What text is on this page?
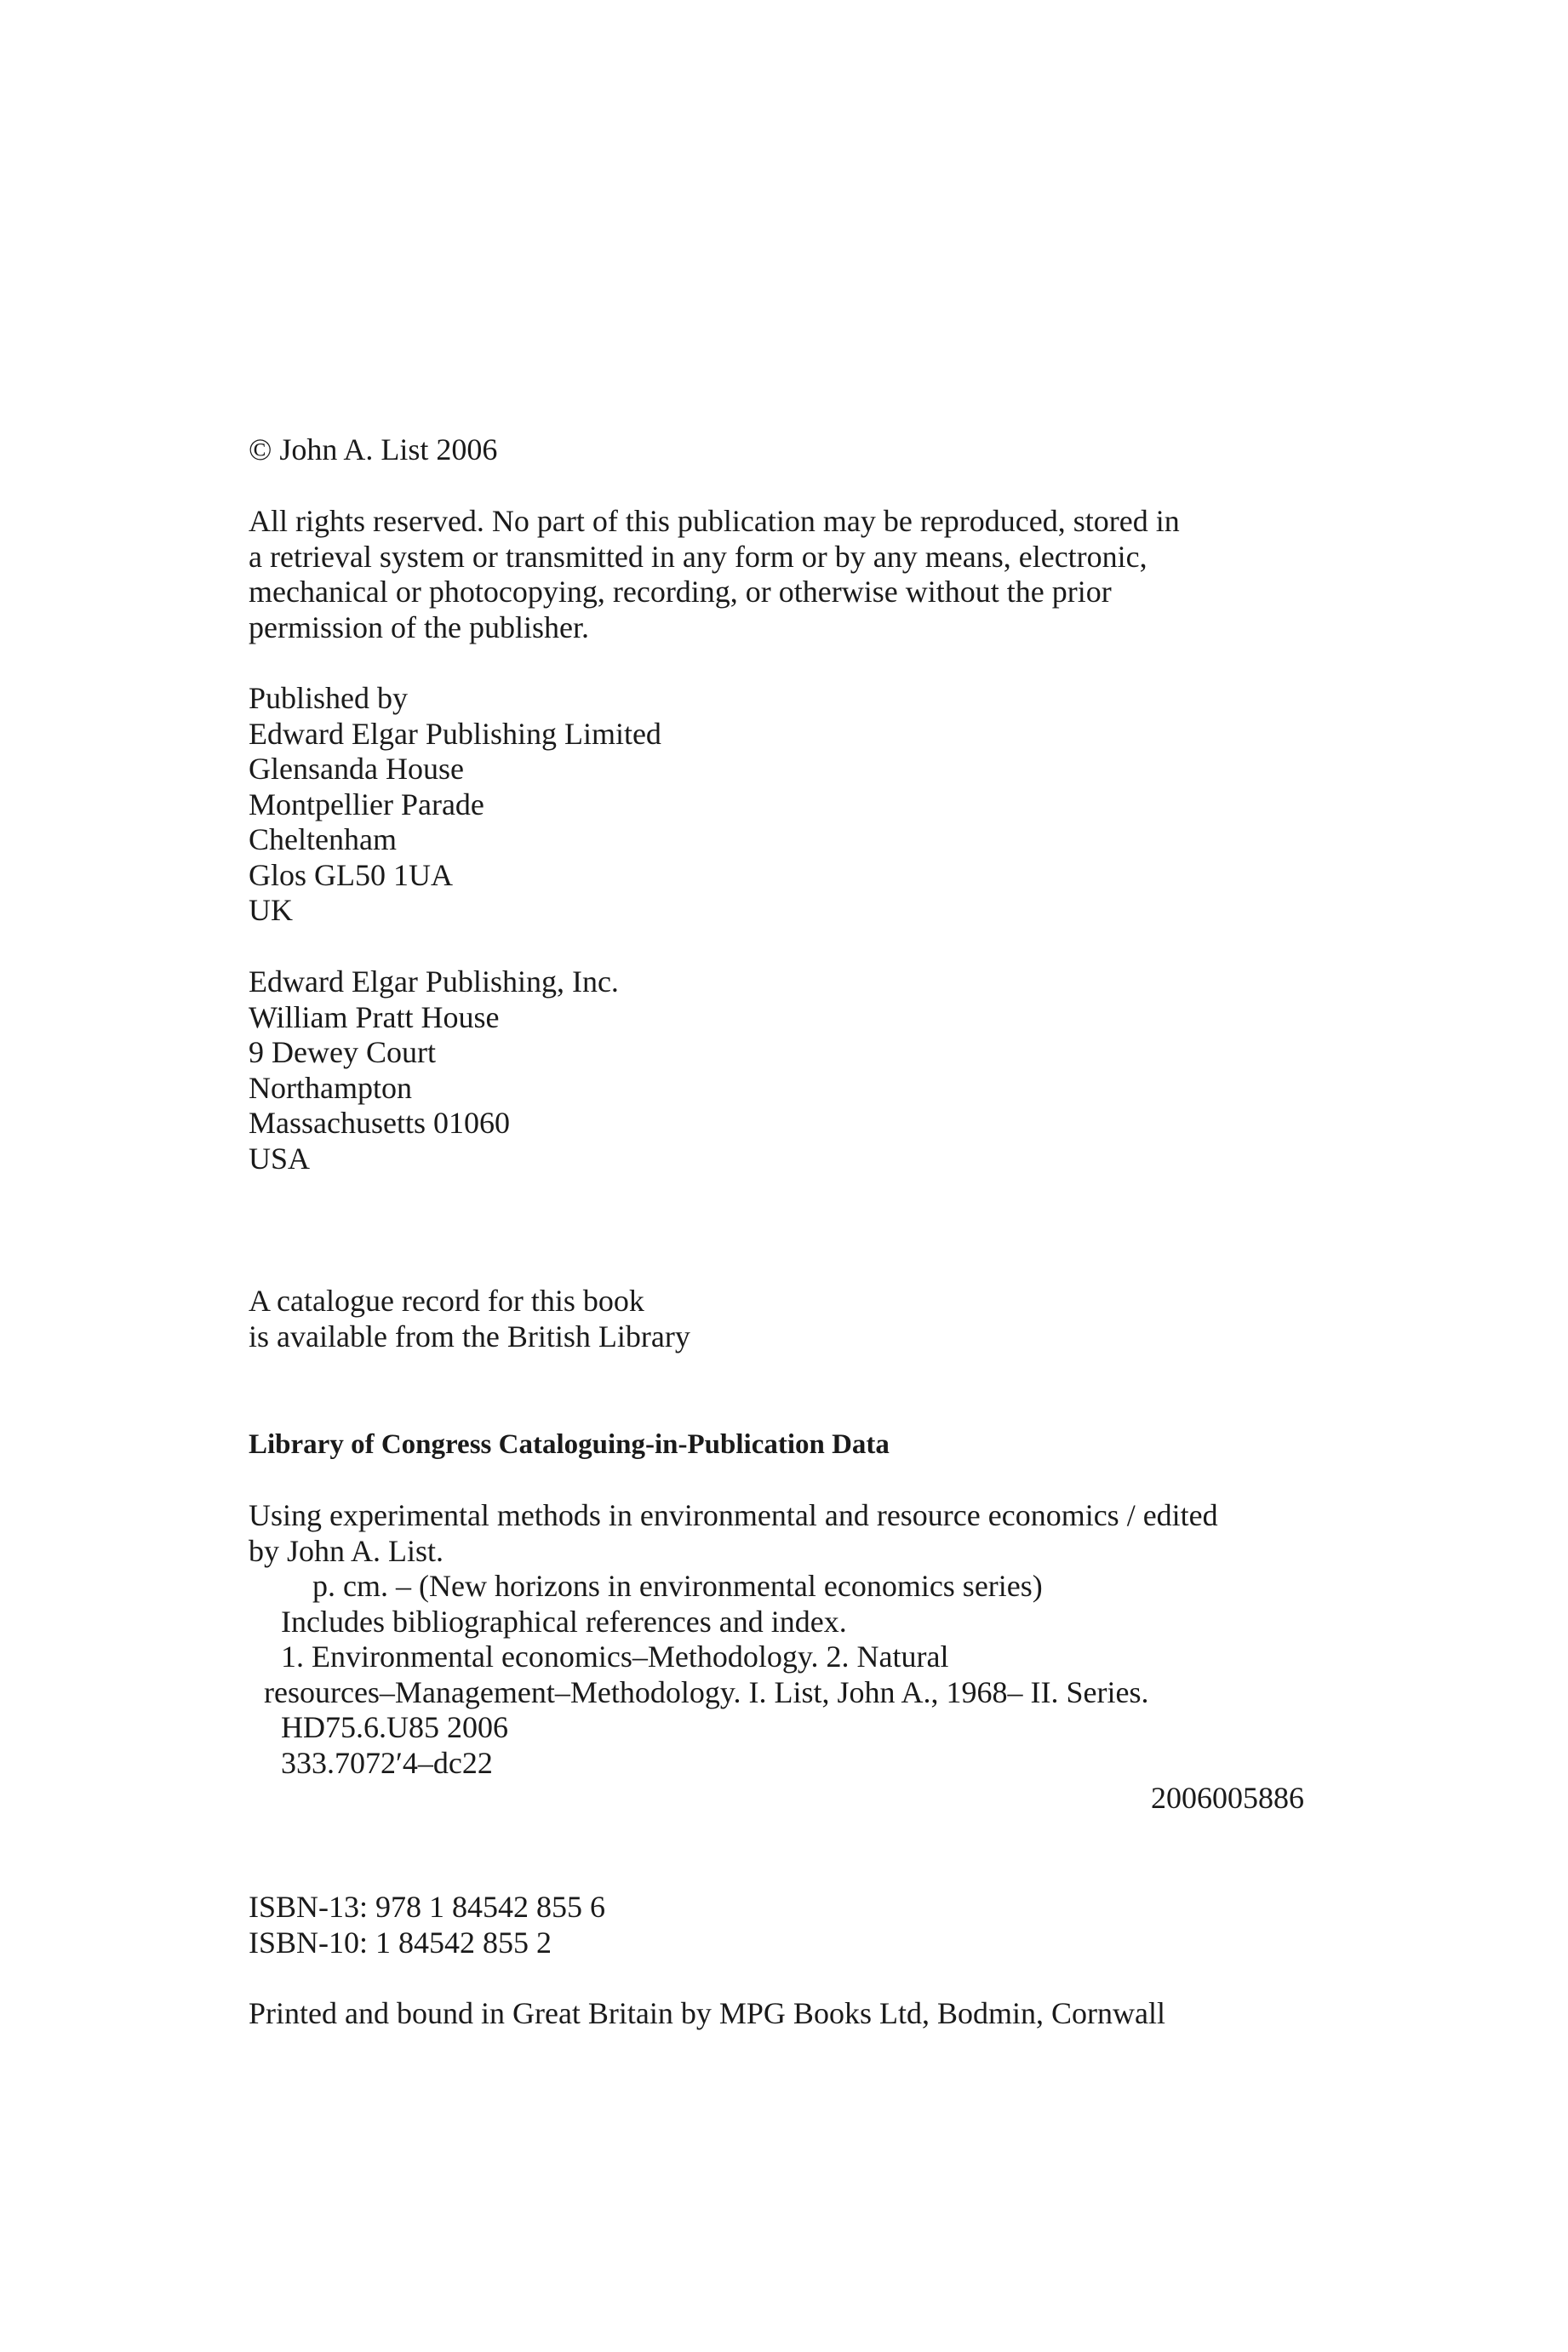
© John A. List 2006

All rights reserved. No part of this publication may be reproduced, stored in
a retrieval system or transmitted in any form or by any means, electronic,
mechanical or photocopying, recording, or otherwise without the prior
permission of the publisher.
Published by
Edward Elgar Publishing Limited
Glensanda House
Montpellier Parade
Cheltenham
Glos GL50 1UA
UK
Edward Elgar Publishing, Inc.
William Pratt House
9 Dewey Court
Northampton
Massachusetts 01060
USA
A catalogue record for this book
is available from the British Library

Library of Congress Cataloguing-in-Publication Data

Using experimental methods in environmental and resource economics / edited
by John A. List.
p. cm. – (New horizons in environmental economics series)
Includes bibliographical references and index.
1. Environmental economics–Methodology. 2. Natural
resources–Management–Methodology. I. List, John A., 1968– II. Series.
HD75.6.U85 2006
333.7072′4–dc22
2006005886
ISBN-13: 978 1 84542 855 6
ISBN-10: 1 84542 855 2

Printed and bound in Great Britain by MPG Books Ltd, Bodmin, Cornwall
